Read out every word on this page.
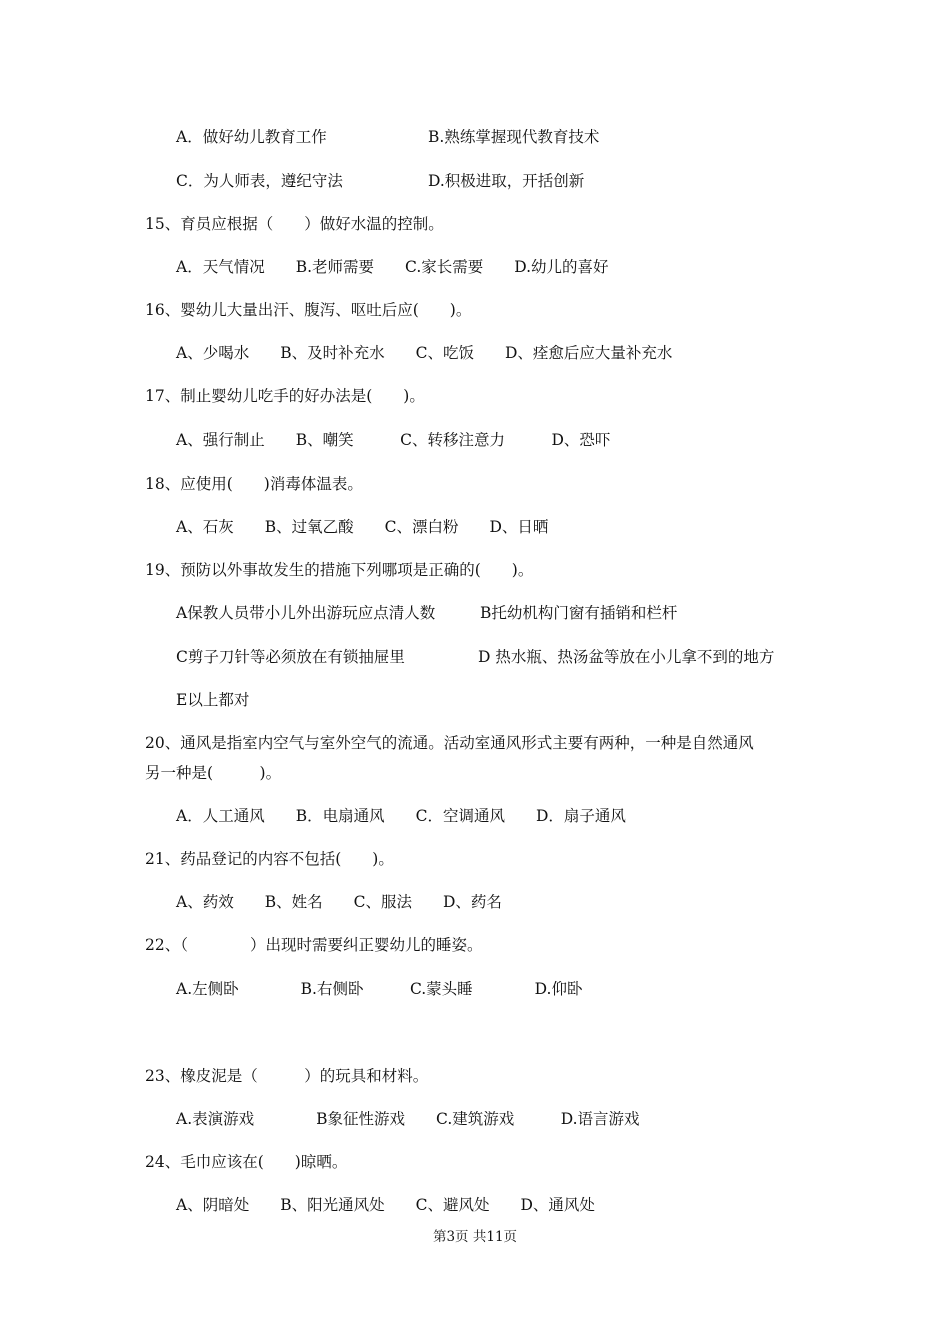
A．做好幼儿教育工作	B.熟练掌握现代教育技术
C．为人师表，遵纪守法	D.积极进取，开括创新
15、育员应根据（　　）做好水温的控制。
A．天气情况　　B.老师需要　　C.家长需要　　D.幼儿的喜好
16、婴幼儿大量出汗、腹泻、呕吐后应(　　)。
A、少喝水　　B、及时补充水　　C、吃饭　　D、痊愈后应大量补充水
17、制止婴幼儿吃手的好办法是(　　)。
A、强行制止　　B、嘲笑　　　C、转移注意力　　　D、恐吓
18、应使用(　　)消毒体温表。
A、石灰　　B、过氧乙酸　　C、漂白粉　　D、日晒
19、预防以外事故发生的措施下列哪项是正确的(　　)。
A保教人员带小儿外出游玩应点清人数	B托幼机构门窗有插销和栏杆
C剪子刀针等必须放在有锁抽屉里	D 热水瓶、热汤盆等放在小儿拿不到的地方
E以上都对
20、通风是指室内空气与室外空气的流通。活动室通风形式主要有两种，一种是自然通风
另一种是(　　　)。
A．人工通风　　B．电扇通风　　C．空调通风　　D．扇子通风
21、药品登记的内容不包括(　　)。
A、药效　　B、姓名　　C、服法　　D、药名
22、（　　　　）出现时需要纠正婴幼儿的睡姿。
A.左侧卧　　　　B.右侧卧　　　C.蒙头睡　　　　D.仰卧
23、橡皮泥是（　　　）的玩具和材料。
A.表演游戏　　　　B象征性游戏　　C.建筑游戏　　　D.语言游戏
24、毛巾应该在(　　)晾晒。
A、阴暗处　　B、阳光通风处　　C、避风处　　D、通风处
第3页 共11页
